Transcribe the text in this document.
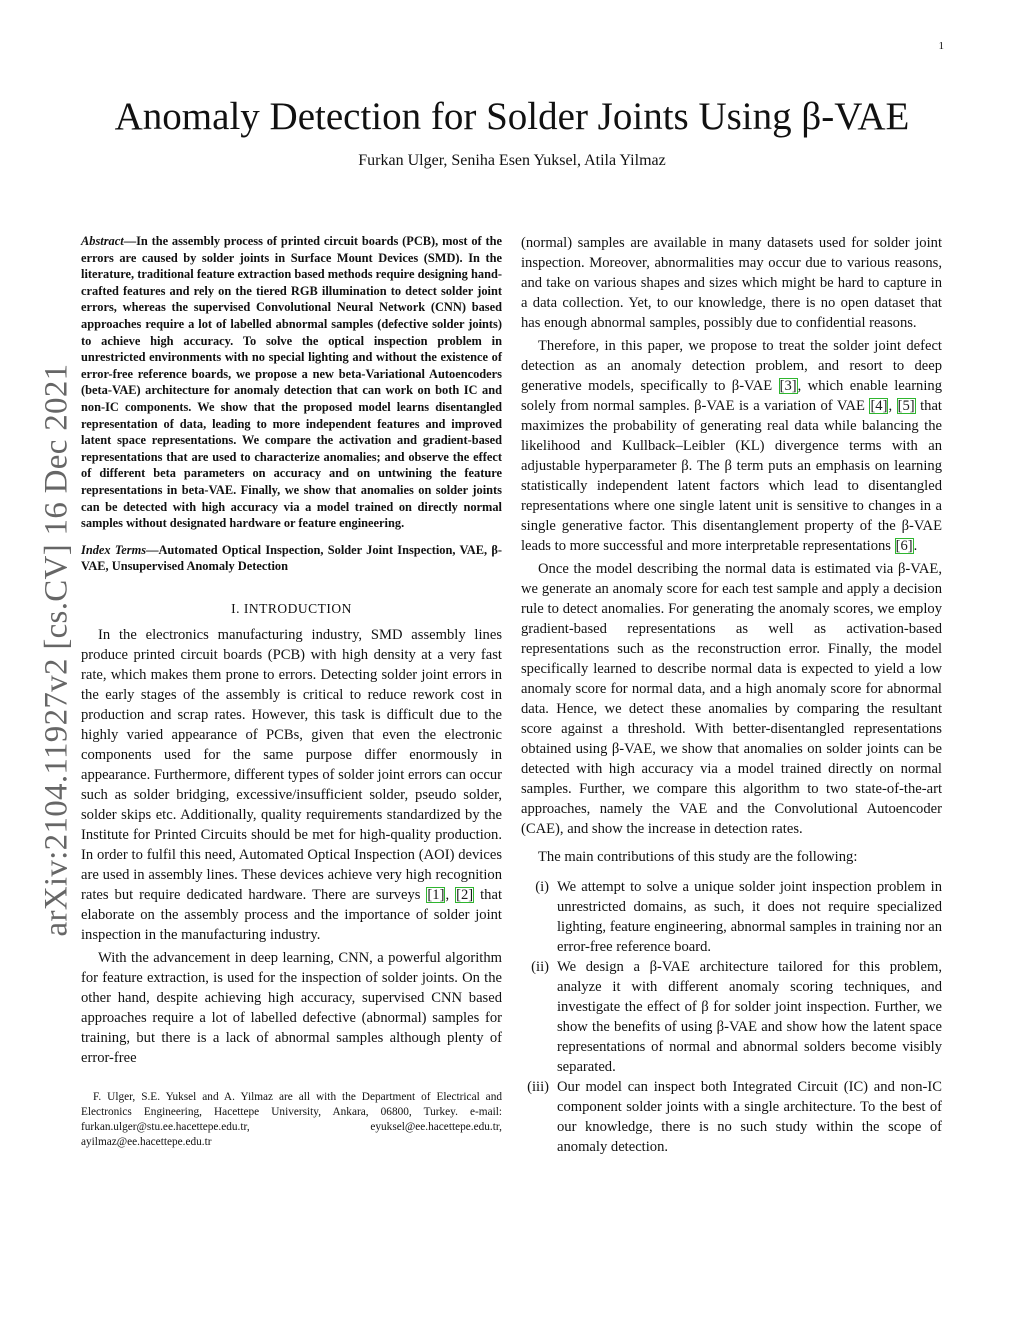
1
arXiv:2104.11927v2 [cs.CV] 16 Dec 2021
Anomaly Detection for Solder Joints Using β-VAE
Furkan Ulger, Seniha Esen Yuksel, Atila Yilmaz

Abstract—In the assembly process of printed circuit boards (PCB), most of the errors are caused by solder joints in Surface Mount Devices (SMD). In the literature, traditional feature extraction based methods require designing hand-crafted features and rely on the tiered RGB illumination to detect solder joint errors, whereas the supervised Convolutional Neural Network (CNN) based approaches require a lot of labelled abnormal samples (defective solder joints) to achieve high accuracy. To solve the optical inspection problem in unrestricted environments with no special lighting and without the existence of error-free reference boards, we propose a new beta-Variational Autoencoders (beta-VAE) architecture for anomaly detection that can work on both IC and non-IC components. We show that the proposed model learns disentangled representation of data, leading to more independent features and improved latent space representations. We compare the activation and gradient-based representations that are used to characterize anomalies; and observe the effect of different beta parameters on accuracy and on untwining the feature representations in beta-VAE. Finally, we show that anomalies on solder joints can be detected with high accuracy via a model trained on directly normal samples without designated hardware or feature engineering.

Index Terms—Automated Optical Inspection, Solder Joint Inspection, VAE, β-VAE, Unsupervised Anomaly Detection

I. INTRODUCTION

In the electronics manufacturing industry, SMD assembly lines produce printed circuit boards (PCB) with high density at a very fast rate, which makes them prone to errors. Detecting solder joint errors in the early stages of the assembly is critical to reduce rework cost in production and scrap rates. However, this task is difficult due to the highly varied appearance of PCBs, given that even the electronic components used for the same purpose differ enormously in appearance. Furthermore, different types of solder joint errors can occur such as solder bridging, excessive/insufficient solder, pseudo solder, solder skips etc. Additionally, quality requirements standardized by the Institute for Printed Circuits should be met for high-quality production. In order to fulfil this need, Automated Optical Inspection (AOI) devices are used in assembly lines. These devices achieve very high recognition rates but require dedicated hardware. There are surveys [1], [2] that elaborate on the assembly process and the importance of solder joint inspection in the manufacturing industry.

With the advancement in deep learning, CNN, a powerful algorithm for feature extraction, is used for the inspection of solder joints. On the other hand, despite achieving high accuracy, supervised CNN based approaches require a lot of labelled defective (abnormal) samples for training, but there is a lack of abnormal samples although plenty of error-free

F. Ulger, S.E. Yuksel and A. Yilmaz are all with the Department of Electrical and Electronics Engineering, Hacettepe University, Ankara, 06800, Turkey. e-mail: furkan.ulger@stu.ee.hacettepe.edu.tr, eyuksel@ee.hacettepe.edu.tr, ayilmaz@ee.hacettepe.edu.tr

(normal) samples are available in many datasets used for solder joint inspection. Moreover, abnormalities may occur due to various reasons, and take on various shapes and sizes which might be hard to capture in a data collection. Yet, to our knowledge, there is no open dataset that has enough abnormal samples, possibly due to confidential reasons.

Therefore, in this paper, we propose to treat the solder joint defect detection as an anomaly detection problem, and resort to deep generative models, specifically to β-VAE [3], which enable learning solely from normal samples. β-VAE is a variation of VAE [4], [5] that maximizes the probability of generating real data while balancing the likelihood and Kullback–Leibler (KL) divergence terms with an adjustable hyperparameter β. The β term puts an emphasis on learning statistically independent latent factors which lead to disentangled representations where one single latent unit is sensitive to changes in a single generative factor. This disentanglement property of the β-VAE leads to more successful and more interpretable representations [6].

Once the model describing the normal data is estimated via β-VAE, we generate an anomaly score for each test sample and apply a decision rule to detect anomalies. For generating the anomaly scores, we employ gradient-based representations as well as activation-based representations such as the reconstruction error. Finally, the model specifically learned to describe normal data is expected to yield a low anomaly score for normal data, and a high anomaly score for abnormal data. Hence, we detect these anomalies by comparing the resultant score against a threshold. With better-disentangled representations obtained using β-VAE, we show that anomalies on solder joints can be detected with high accuracy via a model trained directly on normal samples. Further, we compare this algorithm to two state-of-the-art approaches, namely the VAE and the Convolutional Autoencoder (CAE), and show the increase in detection rates.

The main contributions of this study are the following:

(i) We attempt to solve a unique solder joint inspection problem in unrestricted domains, as such, it does not require specialized lighting, feature engineering, abnormal samples in training nor an error-free reference board.
(ii) We design a β-VAE architecture tailored for this problem, analyze it with different anomaly scoring techniques, and investigate the effect of β for solder joint inspection. Further, we show the benefits of using β-VAE and show how the latent space representations of normal and abnormal solders become visibly separated.
(iii) Our model can inspect both Integrated Circuit (IC) and non-IC component solder joints with a single architecture. To the best of our knowledge, there is no such study within the scope of anomaly detection.
